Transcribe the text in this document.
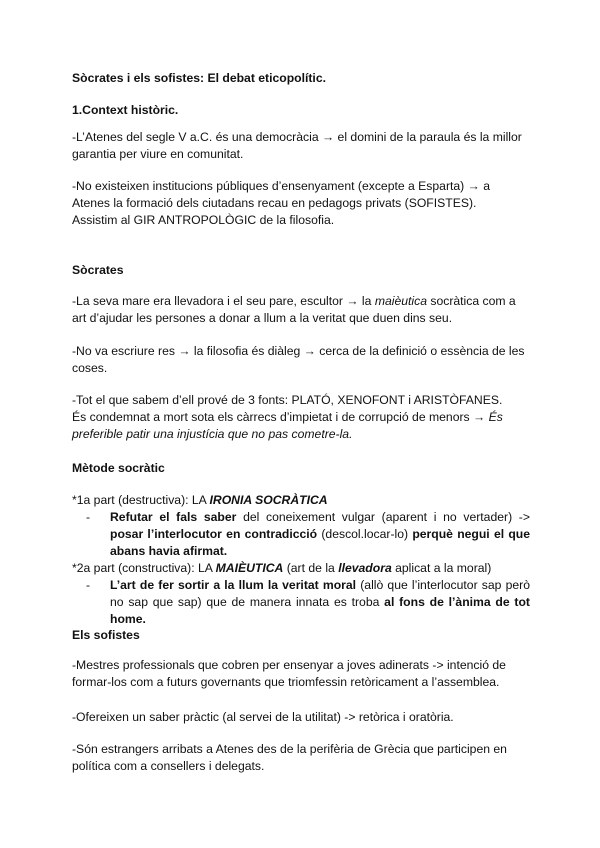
Sòcrates i els sofistes: El debat eticopolític.

1.Context històric.

-L’Atenes del segle V a.C. és una democràcia → el domini de la paraula és la millor garantia per viure en comunitat.

-No existeixen institucions públiques d’ensenyament (excepte a Esparta) → a Atenes la formació dels ciutadans recau en pedagogs privats (SOFISTES).

Assistim al GIR ANTROPOLÒGIC de la filosofia.

Sòcrates

-La seva mare era llevadora i el seu pare, escultor → la maièutica socràtica com a art d’ajudar les persones a donar a llum a la veritat que duen dins seu.

-No va escriure res → la filosofia és diàleg → cerca de la definició o essència de les coses.

-Tot el que sabem d’ell prové de 3 fonts: PLATÓ, XENOFONT i ARISTÒFANES.

És condemnat a mort sota els càrrecs d’impietat i de corrupció de menors → És preferible patir una injustícia que no pas cometre-la.

Mètode socràtic

*1a part (destructiva): LA IRONIA SOCRÀTICA

- Refutar el fals saber del coneixement vulgar (aparent i no vertader) -> posar l’interlocutor en contradicció (descol.locar-lo) perquè negui el que abans havia afirmat.

*2a part (constructiva): LA MAIÈUTICA (art de la llevadora aplicat a la moral)

- L’art de fer sortir a la llum la veritat moral (allò que l’interlocutor sap però no sap que sap) que de manera innata es troba al fons de l’ànima de tot home.

Els sofistes

-Mestres professionals que cobren per ensenyar a joves adinerats -> intenció de formar-los com a futurs governants que triomfessin retòricament a l’assemblea.

-Ofereixen un saber pràctic (al servei de la utilitat) -> retòrica i oratòria.

-Són estrangers arribats a Atenes des de la perifèria de Grècia que participen en política com a consellers i delegats.
